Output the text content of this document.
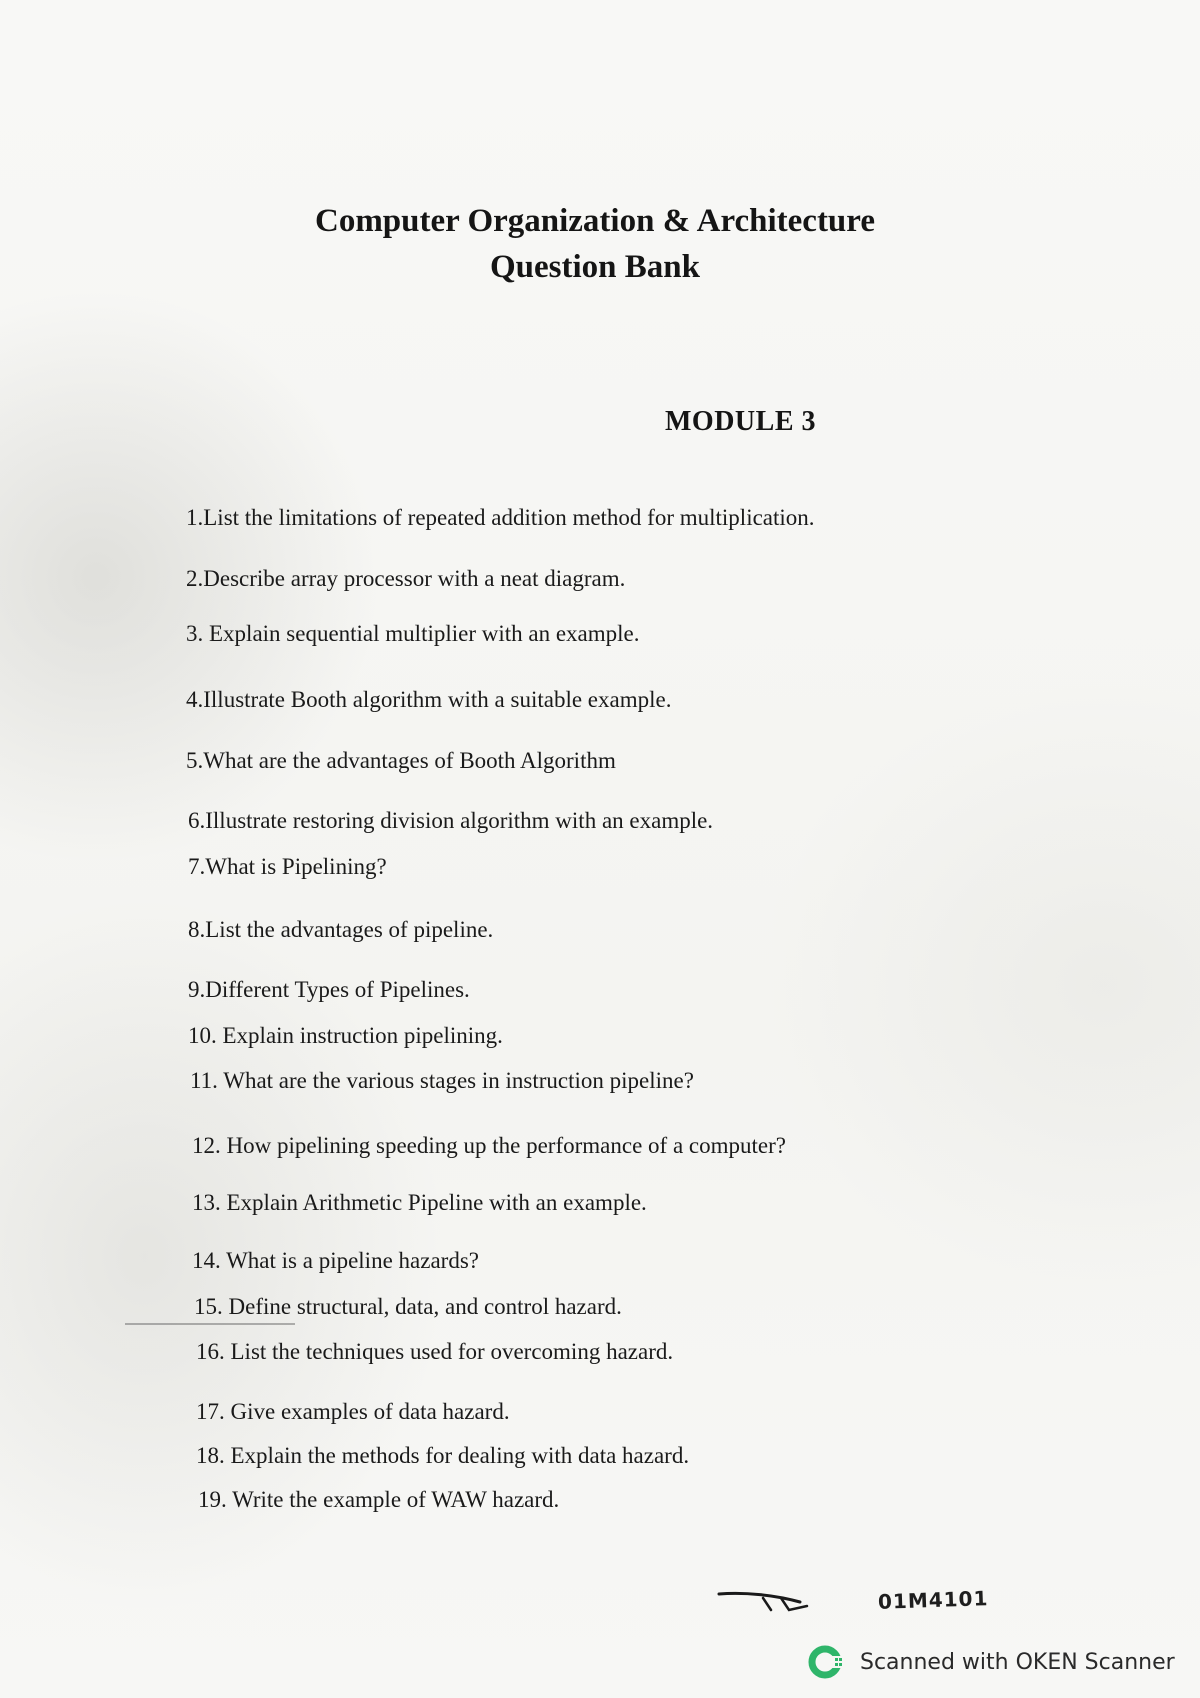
Computer Organization & Architecture
Question Bank
MODULE 3
1.List the limitations of repeated addition method for multiplication.
2.Describe array processor with a neat diagram.
3. Explain sequential multiplier with an example.
4.Illustrate Booth algorithm with a suitable example.
5.What are the advantages of Booth Algorithm
6.Illustrate restoring division algorithm with an example.
7.What is Pipelining?
8.List the advantages of pipeline.
9.Different Types of Pipelines.
10. Explain instruction pipelining.
11. What are the various stages in instruction pipeline?
12. How pipelining speeding up the performance of a computer?
13. Explain Arithmetic Pipeline with an example.
14. What is a pipeline hazards?
15. Define structural, data, and control hazard.
16. List the techniques used for overcoming hazard.
17. Give examples of data hazard.
18. Explain the methods for dealing with data hazard.
19. Write the example of WAW hazard.
01M4101
Scanned with OKEN Scanner
